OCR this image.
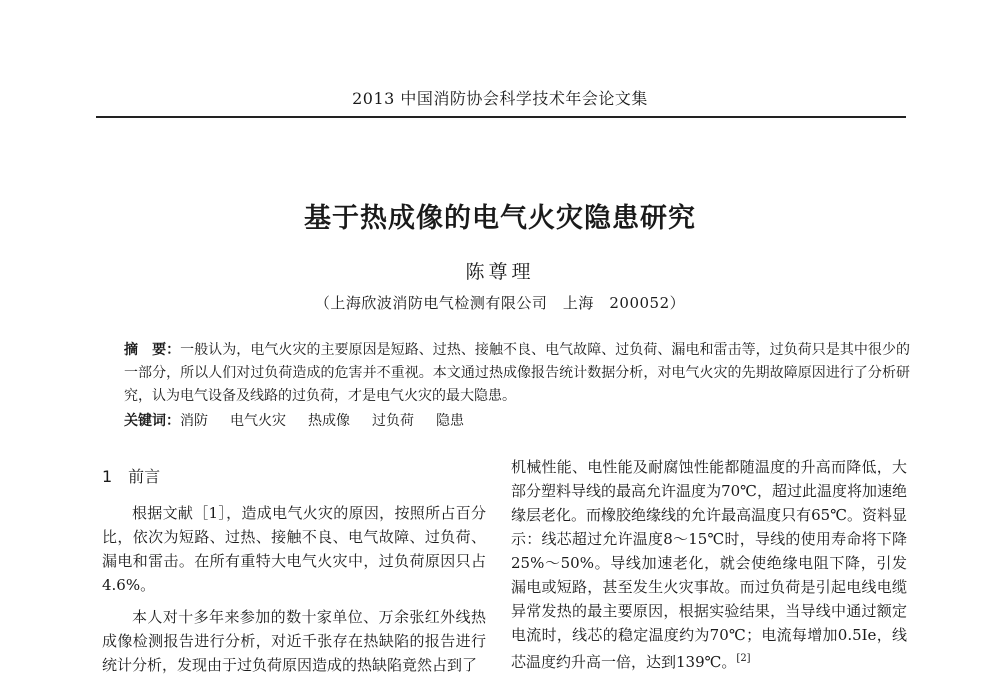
2013 中国消防协会科学技术年会论文集
基于热成像的电气火灾隐患研究
陈尊理
（上海欣波消防电气检测有限公司　上海　200052）
摘　要：一般认为，电气火灾的主要原因是短路、过热、接触不良、电气故障、过负荷、漏电和雷击等，过负荷只是其中很少的一部分，所以人们对过负荷造成的危害并不重视。本文通过热成像报告统计数据分析，对电气火灾的先期故障原因进行了分析研究，认为电气设备及线路的过负荷，才是电气火灾的最大隐患。
关键词：消防 电气火灾 热成像 过负荷 隐患
1　前言

根据文献［1］，造成电气火灾的原因，按照所占百分比，依次为短路、过热、接触不良、电气故障、过负荷、漏电和雷击。在所有重特大电气火灾中，过负荷原因只占4.6%。

本人对十多年来参加的数十家单位、万余张红外线热成像检测报告进行分析，对近千张存在热缺陷的报告进行统计分析，发现由于过负荷原因造成的热缺陷竟然占到了

机械性能、电性能及耐腐蚀性能都随温度的升高而降低，大部分塑料导线的最高允许温度为70℃，超过此温度将加速绝缘层老化。而橡胶绝缘线的允许最高温度只有65℃。资料显示：线芯超过允许温度8～15℃时，导线的使用寿命将下降25%～50%。导线加速老化，就会使绝缘电阻下降，引发漏电或短路，甚至发生火灾事故。而过负荷是引起电线电缆异常发热的最主要原因，根据实验结果，当导线中通过额定电流时，线芯的稳定温度约为70℃；电流每增加0.5Ie，线芯温度约升高一倍，达到139℃。[2]
